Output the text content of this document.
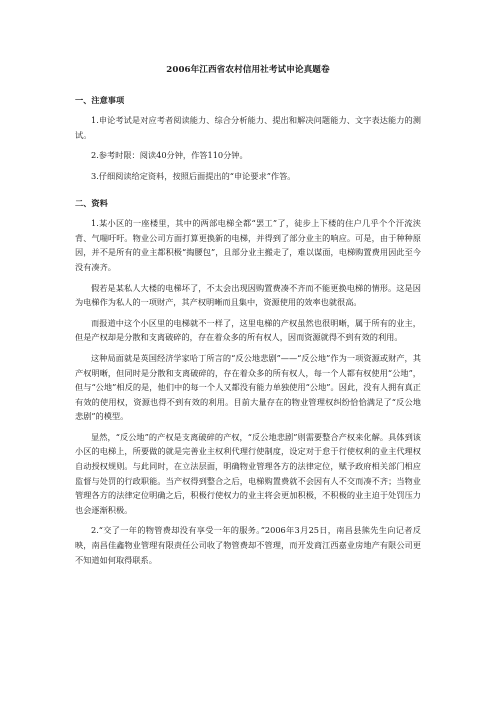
2006年江西省农村信用社考试申论真题卷
一、注意事项
1.申论考试是对应考者阅读能力、综合分析能力、提出和解决问题能力、文字表达能力的测试。
2.参考时限：阅读40分钟，作答110分钟。
3.仔细阅读给定资料，按照后面提出的“申论要求”作答。
二、资料
1.某小区的一座楼里，其中的两部电梯全都“罢工”了，徒步上下楼的住户几乎个个汗流浃背、气喘吁吁。物业公司方面打算更换新的电梯，并得到了部分业主的响应。可是，由于种种原因，并不是所有的业主都积极“掏腰包”，且部分业主搬走了，难以谋面，电梯购置费用因此至今没有凑齐。
假若是某私人大楼的电梯坏了，不太会出现因购置费凑不齐而不能更换电梯的情形。这是因为电梯作为私人的一项财产，其产权明晰而且集中，资源使用的效率也就很高。
而报道中这个小区里的电梯就不一样了，这里电梯的产权虽然也很明晰，属于所有的业主，但是产权却是分散和支离破碎的，存在着众多的所有权人，因而资源就得不到有效的利用。
这种局面就是英国经济学家哈丁所言的“反公地悲剧”——“反公地”作为一项资源或财产，其产权明晰，但同时是分散和支离破碎的，存在着众多的所有权人，每一个人都有权使用“公地”，但与“公地”相反的是，他们中的每一个人又都没有能力单独使用“公地”。因此，没有人拥有真正有效的使用权，资源也得不到有效的利用。目前大量存在的物业管理权纠纷恰恰满足了“反公地悲剧”的模型。
显然，“反公地”的产权是支离破碎的产权，“反公地悲剧”则需要整合产权来化解。具体到该小区的电梯上，所要做的就是完善业主权利代理行使制度，设定对于怠于行使权利的业主代理权自动授权规则。与此同时，在立法层面，明确物业管理各方的法律定位，赋予政府相关部门相应监督与处罚的行政职能。当产权得到整合之后，电梯购置费就不会因有人不交而凑不齐；当物业管理各方的法律定位明确之后，积极行使权力的业主将会更加积极，不积极的业主迫于处罚压力也会逐渐积极。
2.“交了一年的物管费却没有享受一年的服务。”2006年3月25日，南昌县熊先生向记者反映，南昌佳鑫物业管理有限责任公司收了物管费却不管理，而开发商江西嘉业房地产有限公司更不知道如何取得联系。
